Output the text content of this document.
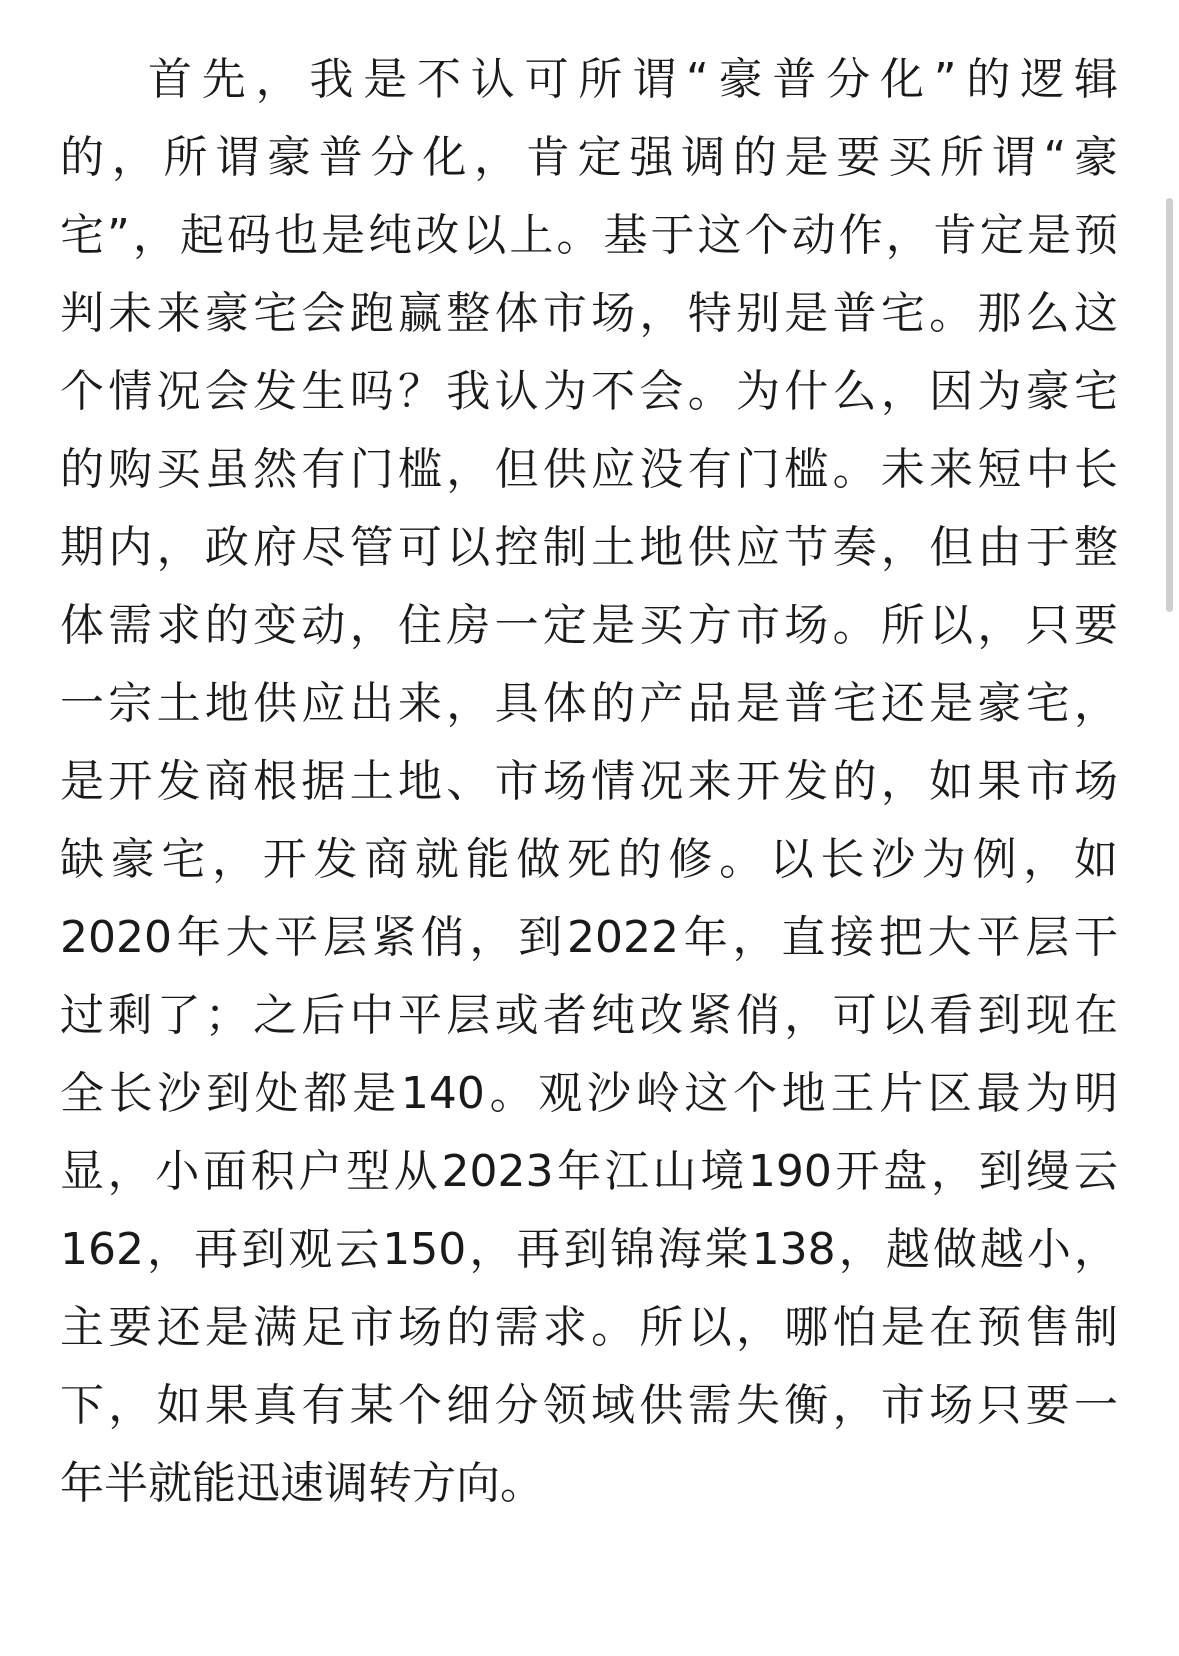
首先，我是不认可所谓“豪普分化”的逻辑
的，所谓豪普分化，肯定强调的是要买所谓“豪
宅”，起码也是纯改以上。基于这个动作，肯定是预
判未来豪宅会跑赢整体市场，特别是普宅。那么这
个情况会发生吗？我认为不会。为什么，因为豪宅
的购买虽然有门槛，但供应没有门槛。未来短中长
期内，政府尽管可以控制土地供应节奏，但由于整
体需求的变动，住房一定是买方市场。所以，只要
一宗土地供应出来，具体的产品是普宅还是豪宅，
是开发商根据土地、市场情况来开发的，如果市场
缺豪宅，开发商就能做死的修。以长沙为例，如
2020年大平层紧俏，到2022年，直接把大平层干
过剩了；之后中平层或者纯改紧俏，可以看到现在
全长沙到处都是140。观沙岭这个地王片区最为明
显，小面积户型从2023年江山境190开盘，到缦云
162，再到观云150，再到锦海棠138，越做越小，
主要还是满足市场的需求。所以，哪怕是在预售制
下，如果真有某个细分领域供需失衡，市场只要一
年半就能迅速调转方向。
